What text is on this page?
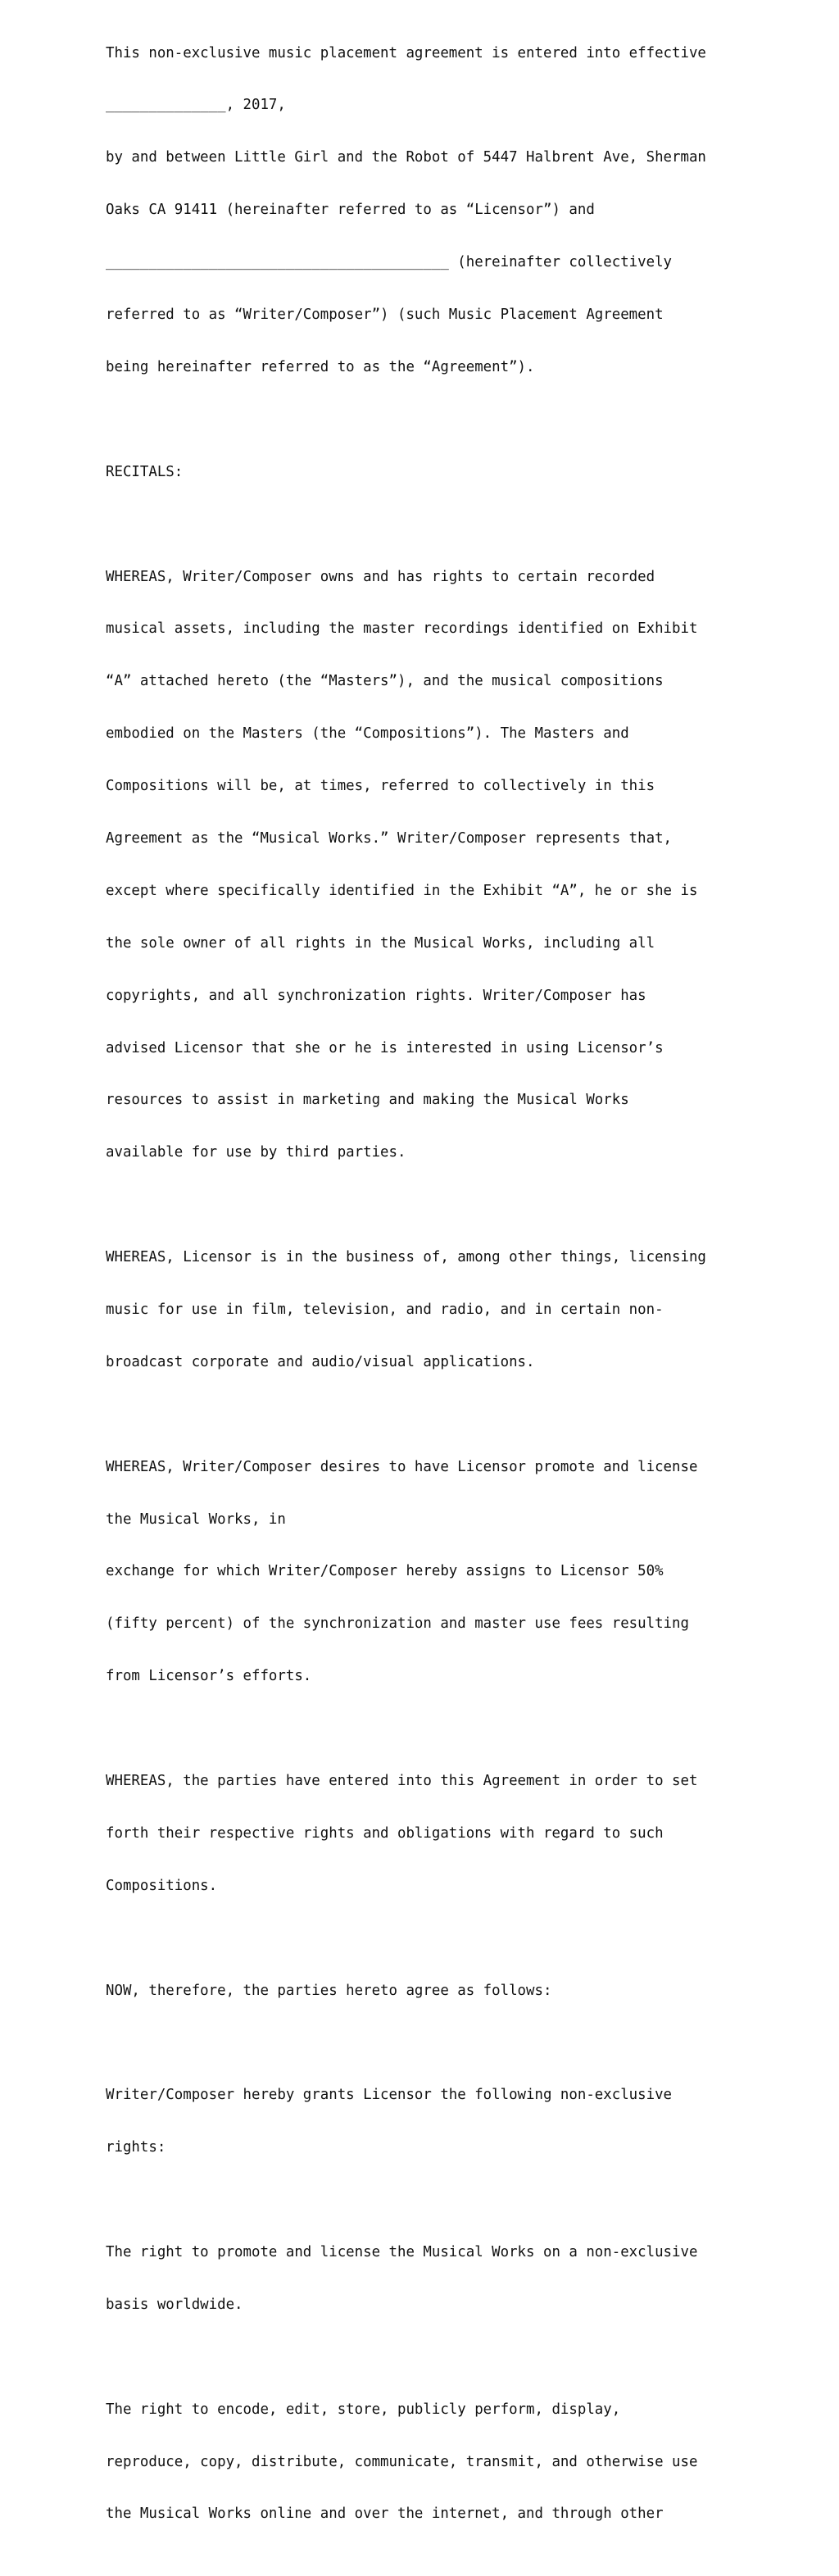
This non-exclusive music placement agreement is entered into effective

______________, 2017,

by and between Little Girl and the Robot of 5447 Halbrent Ave, Sherman

Oaks CA 91411 (hereinafter referred to as “Licensor”) and

________________________________________ (hereinafter collectively

referred to as “Writer/Composer”) (such Music Placement Agreement

being hereinafter referred to as the “Agreement”).

RECITALS:

WHEREAS, Writer/Composer owns and has rights to certain recorded

musical assets, including the master recordings identified on Exhibit

“A” attached hereto (the “Masters”), and the musical compositions

embodied on the Masters (the “Compositions”). The Masters and

Compositions will be, at times, referred to collectively in this

Agreement as the “Musical Works.” Writer/Composer represents that,

except where specifically identified in the Exhibit “A”, he or she is

the sole owner of all rights in the Musical Works, including all

copyrights, and all synchronization rights. Writer/Composer has

advised Licensor that she or he is interested in using Licensor’s

resources to assist in marketing and making the Musical Works

available for use by third parties.

WHEREAS, Licensor is in the business of, among other things, licensing

music for use in film, television, and radio, and in certain non-

broadcast corporate and audio/visual applications.

WHEREAS, Writer/Composer desires to have Licensor promote and license

the Musical Works, in

exchange for which Writer/Composer hereby assigns to Licensor 50%

(fifty percent) of the synchronization and master use fees resulting

from Licensor’s efforts.

WHEREAS, the parties have entered into this Agreement in order to set

forth their respective rights and obligations with regard to such

Compositions.

NOW, therefore, the parties hereto agree as follows:

Writer/Composer hereby grants Licensor the following non-exclusive

rights:

The right to promote and license the Musical Works on a non-exclusive

basis worldwide.

The right to encode, edit, store, publicly perform, display,

reproduce, copy, distribute, communicate, transmit, and otherwise use

the Musical Works online and over the internet, and through other
